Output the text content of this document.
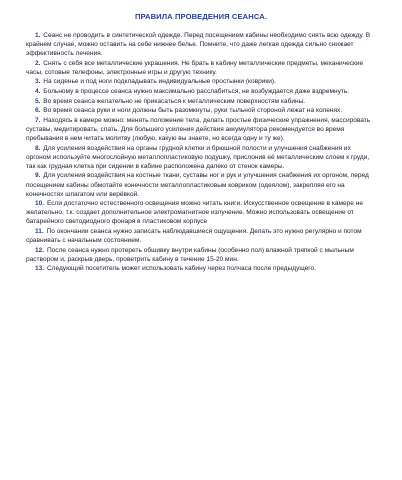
ПРАВИЛА ПРОВЕДЕНИЯ СЕАНСА.
1. Сеанс не проводить в синтетической одежде. Перед посещением кабины необходимо снять всю одежду. В крайнем случае, можно оставить на себе нижнее белье. Помните, что даже легкая одежда сильно снижает эффективность лечения.
2. Снять с себя все металлические украшения. Не брать в кабину металлические предметы, механические часы, сотовые телефоны, электронные игры и другую технику.
3. На сиденье и под ноги подкладывать индивидуальные простынки (коврики).
4. Больному в процессе сеанса нужно максимально расслабиться, не возбуждается даже вздремнуть.
5. Во время сеанса желательно не прикасаться к металлическим поверхностям кабины.
6. Во время сеанса руки и ноги должны быть разомкнуты, руки тыльной стороной лежат на коленях.
7. Находясь в камере можно: менять положение тела, делать простые физические упражнения, массировать суставы, медитировать, спать. Для большего усиления действия аккумулятора рекомендуется во время пребывания в нем читать молитву (любую, какую вы знаете, но всегда одну и ту же).
8. Для усиления воздействия на органы грудной клетки и брюшной полости и улучшения снабжения их оргоном используйте многослойную металлопластиковую подушку, прислонив её металлическим слоем к груди, так как грудная клетка при сидении в кабине расположена далеко от стенок камеры.
9. Для усиления воздействия на костные ткани, суставы ног и рук и улучшения снабжения их оргоном, перед посещением кабины обмотайте конечности металлопластиковым ковриком (одеялом), закрепляя его на конечностях шпагатом или верёвкой.
10. Если достаточно естественного освещения можно читать книги. Искусственное освещение в камере не желательно, т.к. создает дополнительное электромагнитное излучение. Можно использовать освещение от батарейного светодиодного фонаря в пластиковом корпусе
11. По окончании сеанса нужно записать наблюдавшиеся ощущения. Делать это нужно регулярно и потом сравнивать с начальным состоянием.
12. После сеанса нужно протереть обшивку внутри кабины (особенно пол) влажной тряпкой с мыльным раствором и, раскрыв дверь, проветрить кабину в течение 15-20 мин.
13. Следующий посетитель может использовать кабину через полчаса после предыдущего.
